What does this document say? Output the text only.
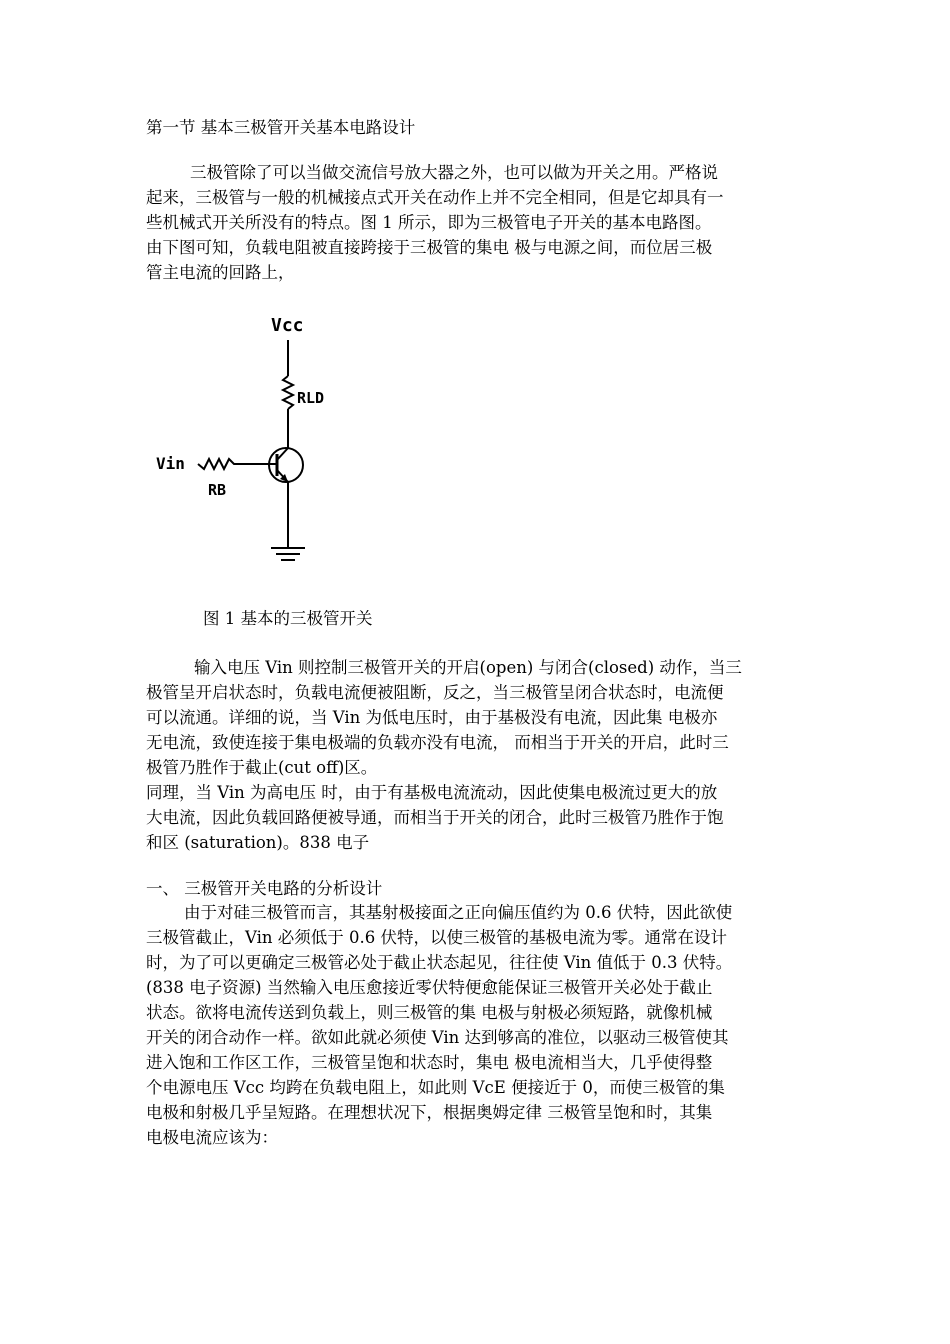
第一节 基本三极管开关基本电路设计
三极管除了可以当做交流信号放大器之外，也可以做为开关之用。严格说
起来，三极管与一般的机械接点式开关在动作上并不完全相同，但是它却具有一
些机械式开关所没有的特点。图 1 所示，即为三极管电子开关的基本电路图。
由下图可知，负载电阻被直接跨接于三极管的集电 极与电源之间，而位居三极
管主电流的回路上，
Vcc
RLD
Vin
RB
图 1 基本的三极管开关
输入电压 Vin 则控制三极管开关的开启(open) 与闭合(closed) 动作，当三
极管呈开启状态时，负载电流便被阻断，反之，当三极管呈闭合状态时，电流便
可以流通。详细的说，当 Vin 为低电压时，由于基极没有电流，因此集 电极亦
无电流，致使连接于集电极端的负载亦没有电流， 而相当于开关的开启，此时三
极管乃胜作于截止(cut off)区。
同理，当 Vin 为高电压 时，由于有基极电流流动，因此使集电极流过更大的放
大电流，因此负载回路便被导通，而相当于开关的闭合，此时三极管乃胜作于饱
和区 (saturation)。838 电子
一、 三极管开关电路的分析设计
由于对硅三极管而言，其基射极接面之正向偏压值约为 0.6 伏特，因此欲使
三极管截止，Vin 必须低于 0.6 伏特，以使三极管的基极电流为零。通常在设计
时，为了可以更确定三极管必处于截止状态起见，往往使 Vin 值低于 0.3 伏特。
(838 电子资源) 当然输入电压愈接近零伏特便愈能保证三极管开关必处于截止
状态。欲将电流传送到负载上，则三极管的集 电极与射极必须短路，就像机械
开关的闭合动作一样。欲如此就必须使 Vin 达到够高的准位，以驱动三极管使其
进入饱和工作区工作，三极管呈饱和状态时，集电 极电流相当大，几乎使得整
个电源电压 Vcc 均跨在负载电阻上，如此则 VcE 便接近于 0，而使三极管的集
电极和射极几乎呈短路。在理想状况下，根据奥姆定律 三极管呈饱和时，其集
电极电流应该为：
